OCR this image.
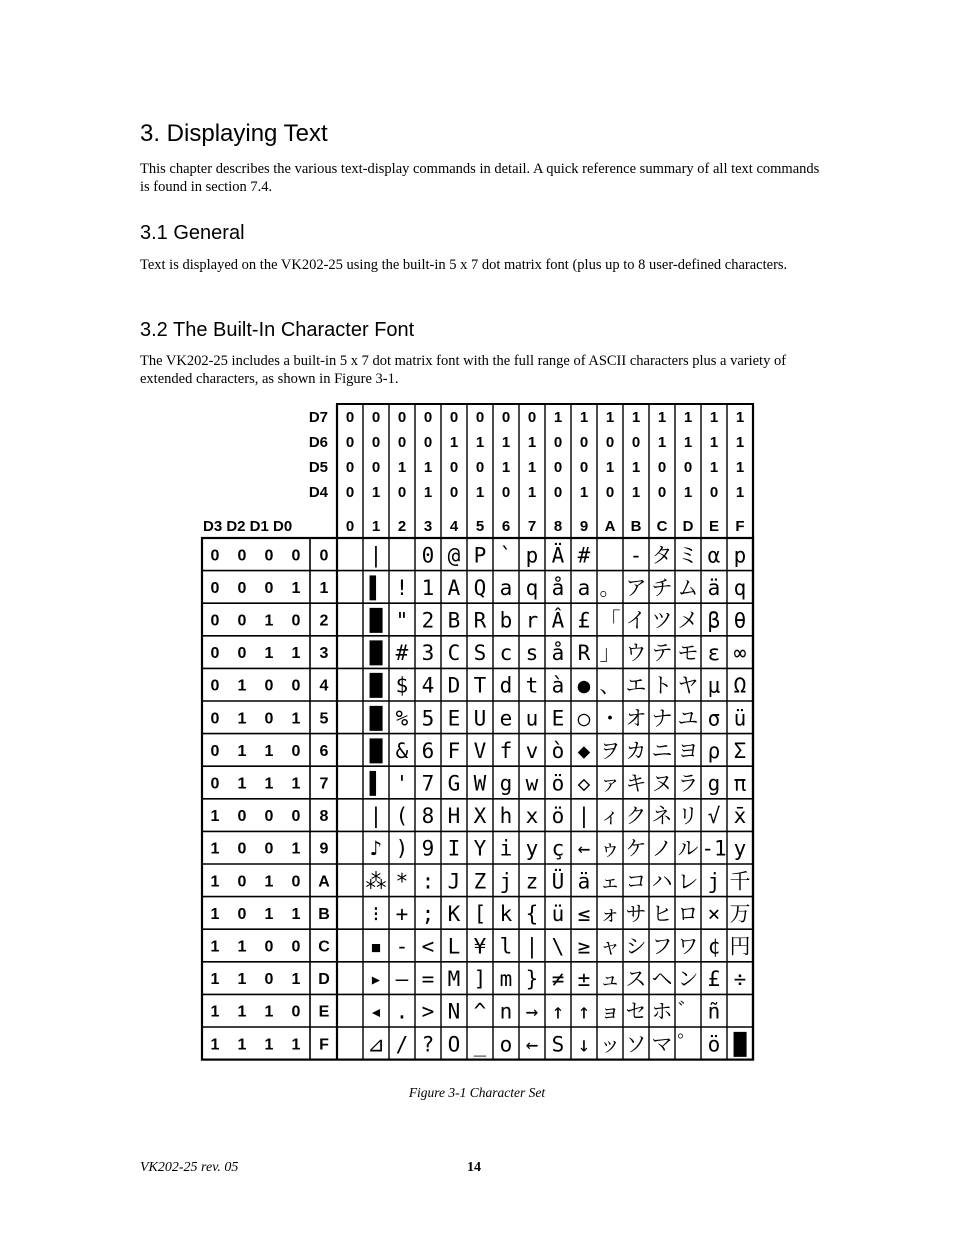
3. Displaying Text

This chapter describes the various text-display commands in detail. A quick reference summary of all text commands is found in section 7.4.

3.1 General

Text is displayed on the VK202-25 using the built-in 5 x 7 dot matrix font (plus up to 8 user-defined characters.

3.2 The Built-In Character Font

The VK202-25 includes a built-in 5 x 7 dot matrix font with the full range of ASCII characters plus a variety of extended characters, as shown in Figure 3-1.

D7
D6
D5
D4
0 0 0 0 0 0 0 0 1 1 1 1 1 1 1 1
0 0 0 0 1 1 1 1 0 0 0 0 1 1 1 1
0 0 1 1 0 0 1 1 0 0 1 1 0 0 1 1
0 1 0 1 0 1 0 1 0 1 0 1 0 1 0 1
D3 D2 D1 D0	0 1 2 3 4 5 6 7 8 9 A B C D E F
0 0 0 0 0 | 0 @ P ` p Ä # - タ ミ α p
0 0 0 1 1 ▌ ! 1 A Q a q å a 。 ア チ ム ä q
0 0 1 0 2 █ " 2 B R b r Â £ 「 イ ツ メ β θ
0 0 1 1 3 █ # 3 C S c s å R 」 ウ テ モ ε ∞
0 1 0 0 4 █ $ 4 D T d t à ● 、 エ ト ヤ μ Ω
0 1 0 1 5 █ % 5 E U e u E ○ ・ オ ナ ユ σ ü
0 1 1 0 6 █ & 6 F V f v ò ◆ ヲ カ ニ ヨ ρ Σ
0 1 1 1 7 ▌ ' 7 G W g w ö ◇ ァ キ ヌ ラ g π
1 0 0 0 8 | ( 8 H X h x ö | ィ ク ネ リ √ x̄
1 0 0 1 9 ♪ ) 9 I Y i y ç ← ゥ ケ ノ ル -1 y
1 0 1 0 A ⁂ * : J Z j z Ü ä ェ コ ハ レ j 千
1 0 1 1 B ⁝ + ; K [ k { ü ≤ ォ サ ヒ ロ × 万
1 1 0 0 C ▪ - < L ¥ l | \ ≥ ャ シ フ ワ ¢ 円
1 1 0 1 D ▸ — = M ] m } ≠ ± ュ ス ヘ ン £ ÷
1 1 1 0 E ◂ . > N ^ n → ↑ ↑ ョ セ ホ ゛ ñ
1 1 1 1 F ⊿ / ? O _ o ← S ↓ ッ ソ マ ゜ ö █
Figure 3-1 Character Set
VK202-25 rev. 05	14
